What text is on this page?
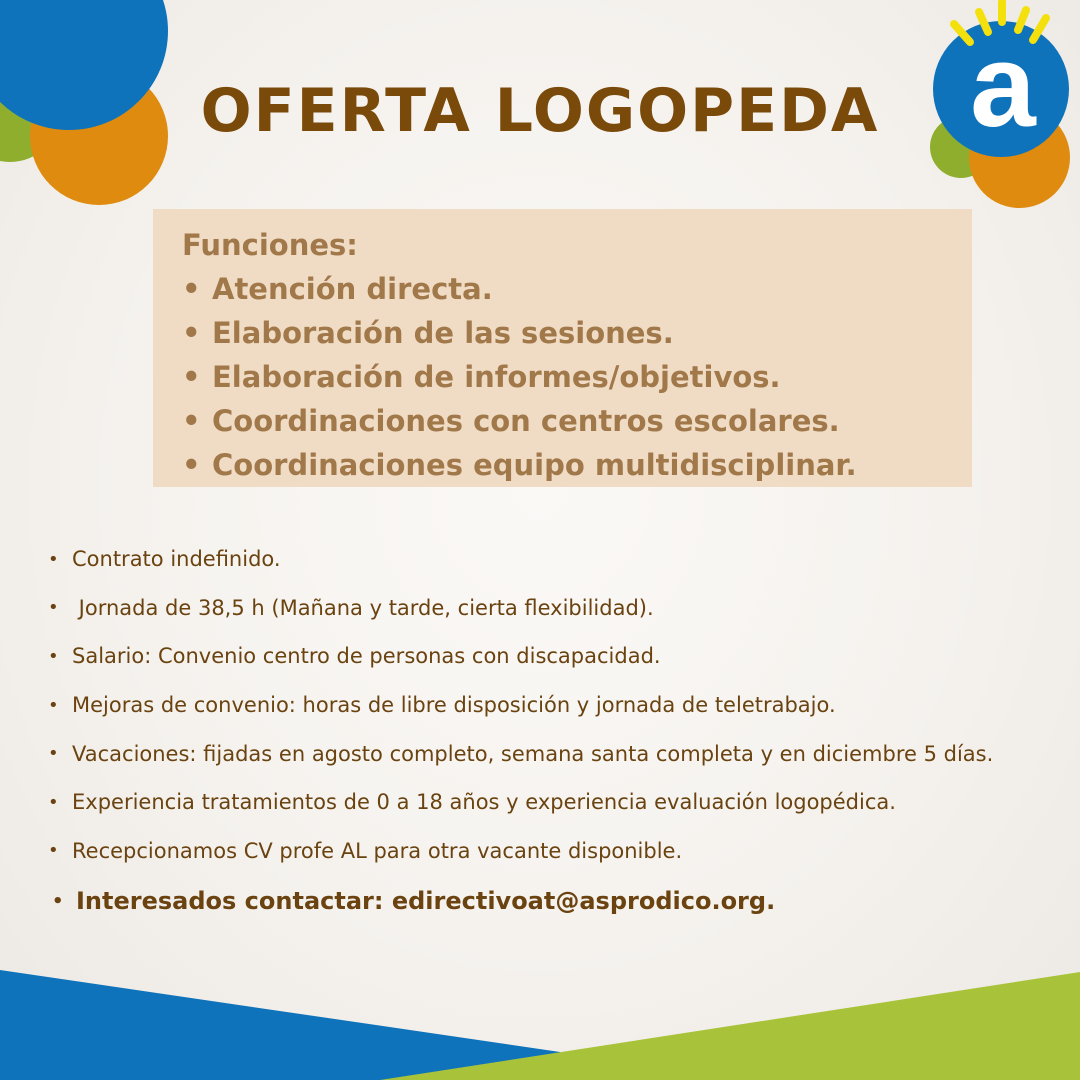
a
OFERTA LOGOPEDA
Funciones:
• Atención directa.
• Elaboración de las sesiones.
• Elaboración de informes/objetivos.
• Coordinaciones con centros escolares.
• Coordinaciones equipo multidisciplinar.
• Contrato indefinido.
• Jornada de 38,5 h (Mañana y tarde, cierta flexibilidad).
• Salario: Convenio centro de personas con discapacidad.
• Mejoras de convenio: horas de libre disposición y jornada de teletrabajo.
• Vacaciones: fijadas en agosto completo, semana santa completa y en diciembre 5 días.
• Experiencia tratamientos de 0 a 18 años y experiencia evaluación logopédica.
• Recepcionamos CV profe AL para otra vacante disponible.
• Interesados contactar: edirectivoat@asprodico.org.
